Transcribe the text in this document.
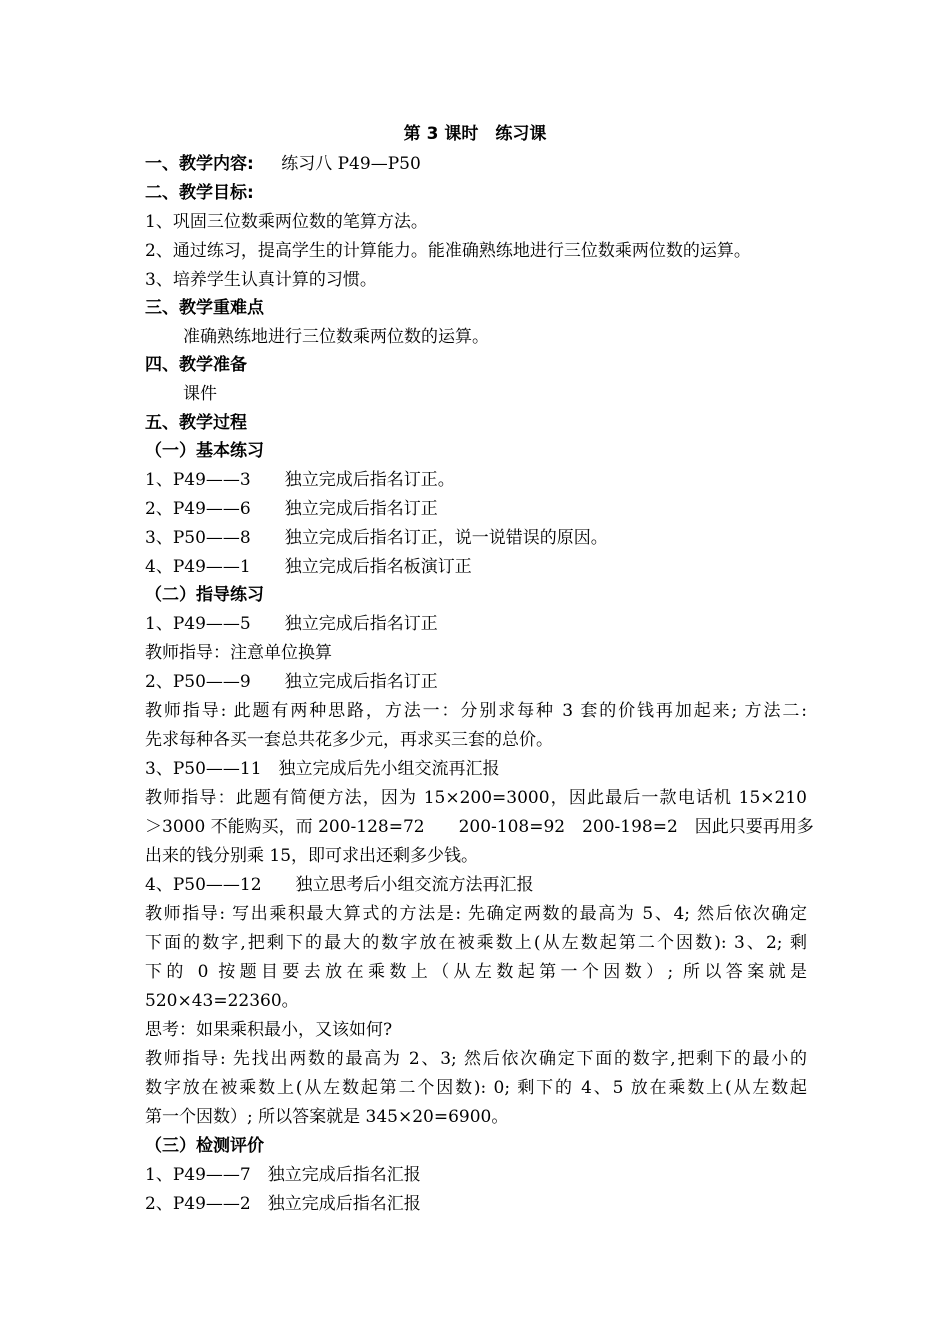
第 3 课时　练习课
一、教学内容: 练习八 P49—P50
二、教学目标:
1、巩固三位数乘两位数的笔算方法。
2、通过练习，提高学生的计算能力。能准确熟练地进行三位数乘两位数的运算。
3、培养学生认真计算的习惯。
三、教学重难点
准确熟练地进行三位数乘两位数的运算。
四、教学准备
课件
五、教学过程
（一）基本练习
1、P49——3　　独立完成后指名订正。
2、P49——6　　独立完成后指名订正
3、P50——8　　独立完成后指名订正，说一说错误的原因。
4、P49——1　　独立完成后指名板演订正
（二）指导练习
1、P49——5　　独立完成后指名订正
教师指导：注意单位换算
2、P50——9　　独立完成后指名订正
教师指导: 此题有两种思路，方法一：分别求每种 3 套的价钱再加起来; 方法二:
先求每种各买一套总共花多少元，再求买三套的总价。
3、P50——11　独立完成后先小组交流再汇报
教师指导：此题有简便方法，因为 15×200=3000，因此最后一款电话机 15×210
＞3000 不能购买，而 200-128=72　　200-108=92　200-198=2　因此只要再用多
出来的钱分别乘 15，即可求出还剩多少钱。
4、P50——12　　独立思考后小组交流方法再汇报
教师指导: 写出乘积最大算式的方法是: 先确定两数的最高为 5、4; 然后依次确定
下面的数字,把剩下的最大的数字放在被乘数上(从左数起第二个因数): 3、2; 剩
下的 0 按题目要去放在乘数上（从左数起第一个因数）; 所以答案就是
520×43=22360。
思考：如果乘积最小，又该如何?
教师指导: 先找出两数的最高为 2、3; 然后依次确定下面的数字,把剩下的最小的
数字放在被乘数上(从左数起第二个因数): 0; 剩下的 4、5 放在乘数上(从左数起
第一个因数）; 所以答案就是 345×20=6900。
（三）检测评价
1、P49——7　独立完成后指名汇报
2、P49——2　独立完成后指名汇报
